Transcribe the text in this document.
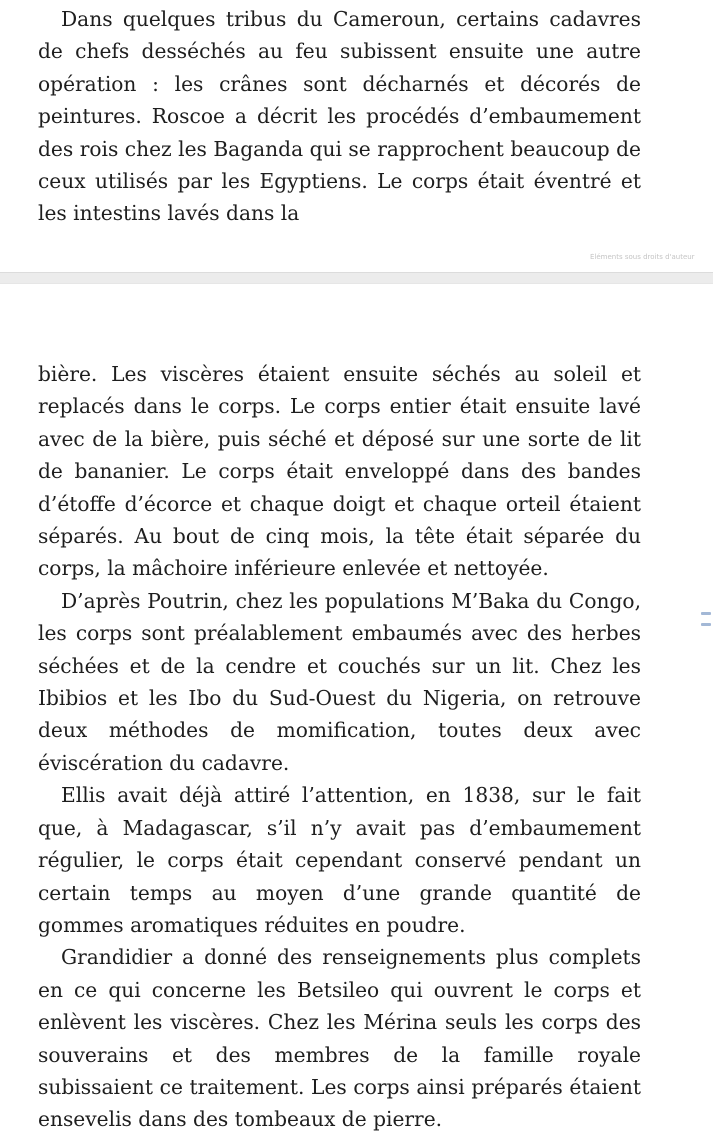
Dans quelques tribus du Cameroun, certains cadavres de chefs desséchés au feu subissent ensuite une autre opération : les crânes sont décharnés et décorés de peintures. Roscoe a décrit les procédés d’embaumement des rois chez les Baganda qui se rapprochent beaucoup de ceux utilisés par les Egyptiens. Le corps était éventré et les intestins lavés dans la

Éléments sous droits d'auteur

bière. Les viscères étaient ensuite séchés au soleil et replacés dans le corps. Le corps entier était ensuite lavé avec de la bière, puis séché et déposé sur une sorte de lit de bananier. Le corps était enveloppé dans des bandes d’étoffe d’écorce et chaque doigt et chaque orteil étaient séparés. Au bout de cinq mois, la tête était séparée du corps, la mâchoire inférieure enlevée et nettoyée.

D’après Poutrin, chez les populations M’Baka du Congo, les corps sont préalablement embaumés avec des herbes séchées et de la cendre et couchés sur un lit. Chez les Ibibios et les Ibo du Sud-Ouest du Nigeria, on retrouve deux méthodes de momification, toutes deux avec éviscération du cadavre.

Ellis avait déjà attiré l’attention, en 1838, sur le fait que, à Madagascar, s’il n’y avait pas d’embaumement régulier, le corps était cependant conservé pendant un certain temps au moyen d’une grande quantité de gommes aromatiques réduites en poudre.

Grandidier a donné des renseignements plus complets en ce qui concerne les Betsileo qui ouvrent le corps et enlèvent les viscères. Chez les Mérina seuls les corps des souverains et des membres de la famille royale subissaient ce traitement. Les corps ainsi préparés étaient ensevelis dans des tombeaux de pierre.
